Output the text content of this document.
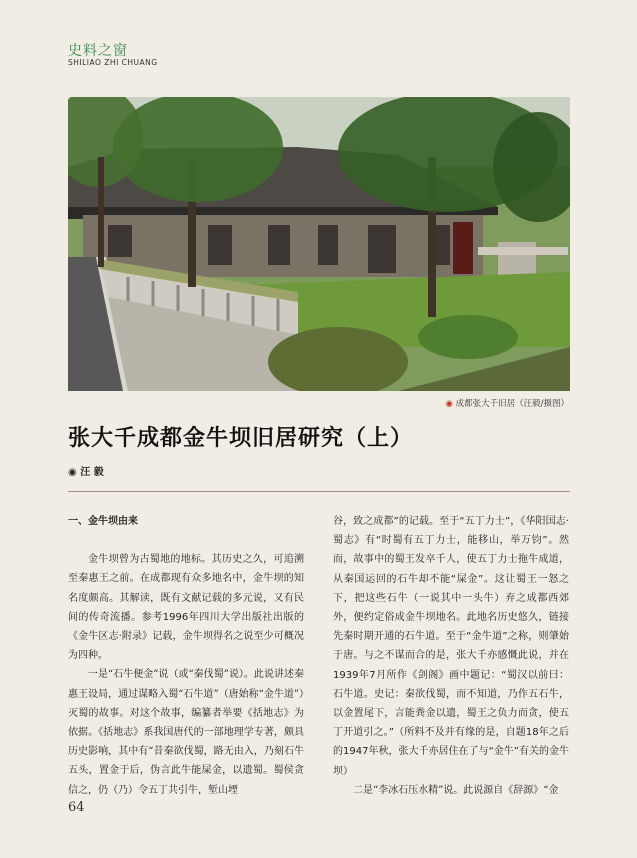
史料之窗
SHILIAO ZHI CHUANG
◉ 成都张大千旧居（汪毅/摄图）
张大千成都金牛坝旧居研究（上）
◉ 汪 毅

一、金牛坝由来

金牛坝曾为古蜀地的地标。其历史之久，可追溯至秦惠王之前。在成都现有众多地名中，金牛坝的知名度颇高。其解读，既有文献记载的多元说，又有民间的传奇流播。参考1996年四川大学出版社出版的《金牛区志·附录》记载，金牛坝得名之说至少可概况为四种。

一是“石牛便金”说（或“秦伐蜀”说）。此说讲述秦惠王设局，通过谋略入蜀“石牛道”（唐始称“金牛道”）灭蜀的故事。对这个故事，编纂者举要《括地志》为依据。《括地志》系我国唐代的一部地理学专著，颇具历史影响，其中有“昔秦欲伐蜀，路无由入，乃刻石牛五头，置金于后，伪言此牛能屎金，以遗蜀。蜀侯贪信之，仍（乃）令五丁共引牛，堑山堙

谷，致之成都”的记载。至于“五丁力士”，《华阳国志·蜀志》有“时蜀有五丁力士，能移山，举万钧”。然而，故事中的蜀王发卒千人，使五丁力士拖牛成道，从秦国运回的石牛却不能“屎金”。这让蜀王一怒之下，把这些石牛（一说其中一头牛）弃之成都西郊外，便约定俗成金牛坝地名。此地名历史悠久，链接先秦时期开通的石牛道。至于“金牛道”之称，则肇始于唐。与之不谋而合的是，张大千亦感慨此说，并在1939年7月所作《剑阁》画中题记：“蜀汉以前曰：石牛道。史记：秦欲伐蜀，而不知道，乃作五石牛，以金置尾下，言能粪金以遗，蜀王之负力而贪，使五丁开道引之。”（所料不及并有缘的是，自题18年之后的1947年秋，张大千亦居住在了与“金牛”有关的金牛坝）

二是“李冰石压水精”说。此说源自《辞源》“金

64
